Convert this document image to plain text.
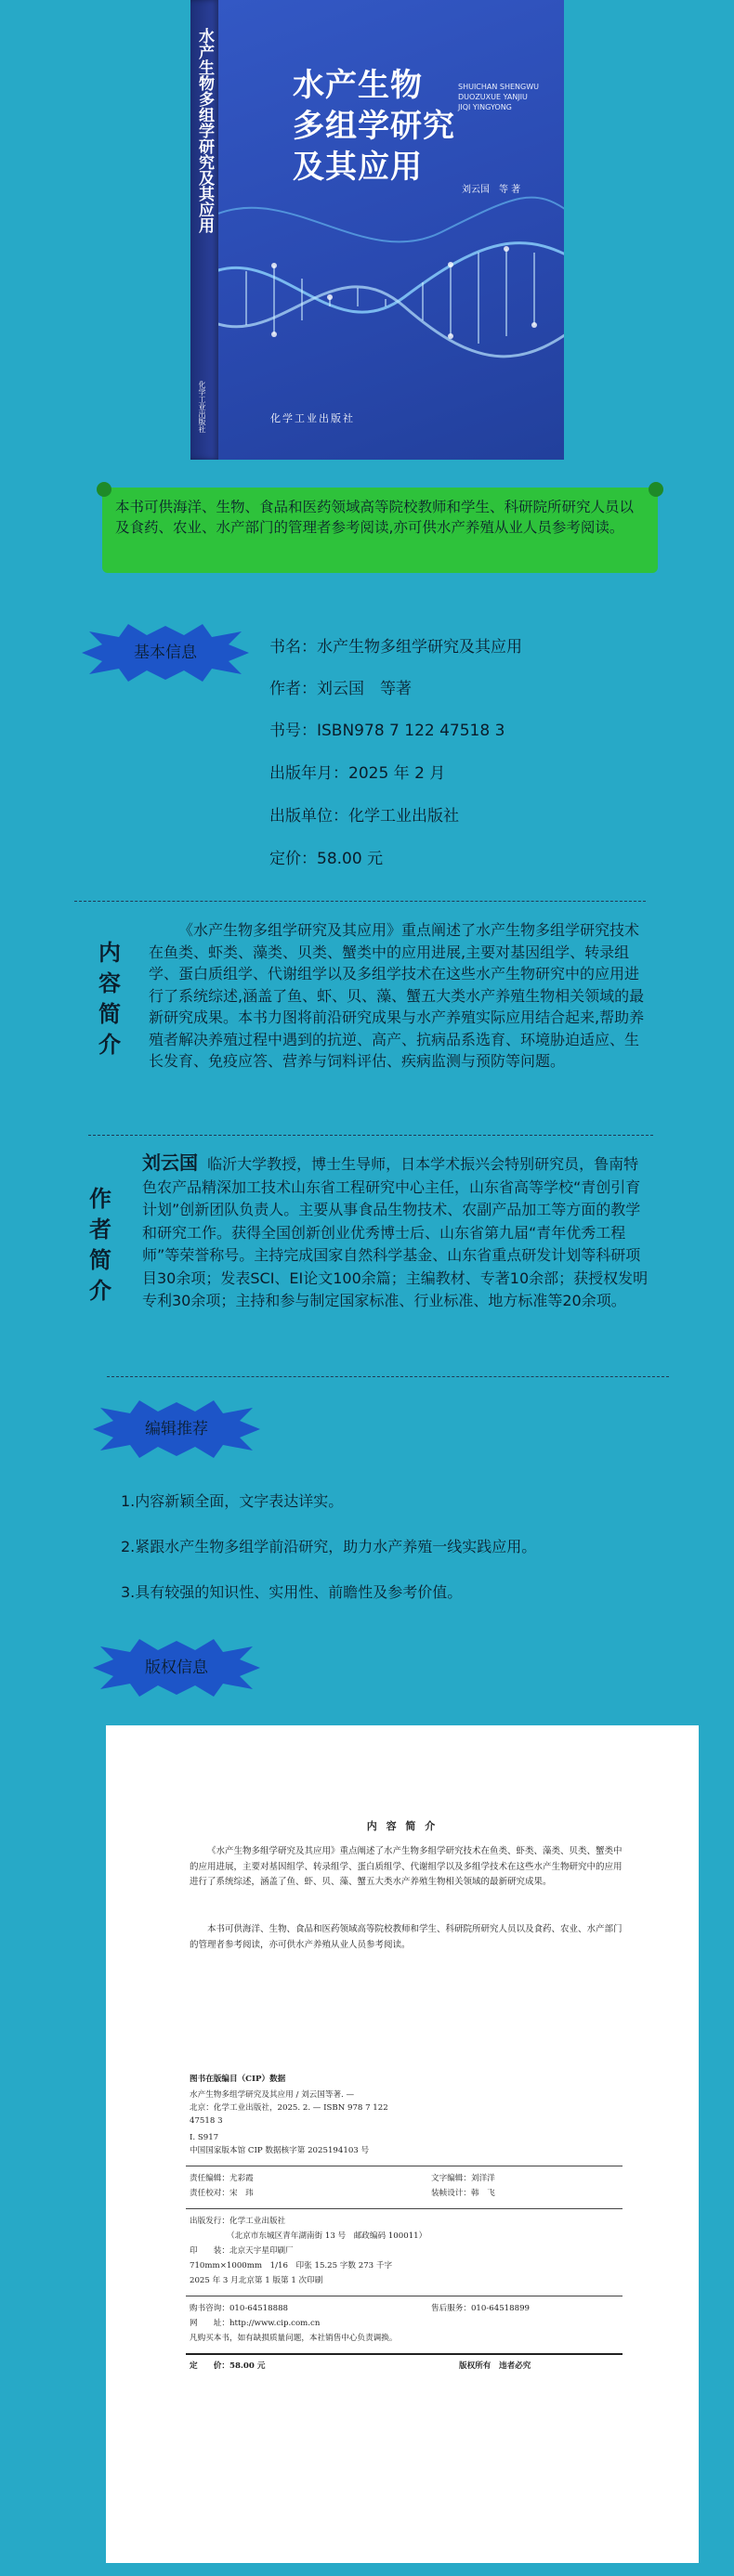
水产生物多组学研究及其应用
化学工业出版社
水产生物
多组学研究
及其应用
SHUICHAN SHENGWU
DUOZUXUE YANJIU
JIQI YINGYONG
刘云国　等 著
化学工业出版社
本书可供海洋、生物、食品和医药领域高等院校教师和学生、科研院所研究人员以及食药、农业、水产部门的管理者参考阅读,亦可供水产养殖从业人员参考阅读。
基本信息	书名：水产生物多组学研究及其应用
作者：刘云国　等著
书号：ISBN978 7 122 47518 3
出版年月：2025 年 2 月
出版单位：化学工业出版社
定价：58.00 元
内
容
简
介
《水产生物多组学研究及其应用》重点阐述了水产生物多组学研究技术在鱼类、虾类、藻类、贝类、蟹类中的应用进展,主要对基因组学、转录组学、蛋白质组学、代谢组学以及多组学技术在这些水产生物研究中的应用进行了系统综述,涵盖了鱼、虾、贝、藻、蟹五大类水产养殖生物相关领域的最新研究成果。本书力图将前沿研究成果与水产养殖实际应用结合起来,帮助养殖者解决养殖过程中遇到的抗逆、高产、抗病品系选育、环境胁迫适应、生长发育、免疫应答、营养与饲料评估、疾病监测与预防等问题。
作
者
简
介
刘云国 临沂大学教授，博士生导师，日本学术振兴会特别研究员，鲁南特色农产品精深加工技术山东省工程研究中心主任，山东省高等学校“青创引育计划”创新团队负责人。主要从事食品生物技术、农副产品加工等方面的教学和研究工作。获得全国创新创业优秀博士后、山东省第九届“青年优秀工程师”等荣誉称号。主持完成国家自然科学基金、山东省重点研发计划等科研项目30余项；发表SCI、EI论文100余篇；主编教材、专著10余部；获授权发明专利30余项；主持和参与制定国家标准、行业标准、地方标准等20余项。
编辑推荐
1.内容新颖全面，文字表达详实。
2.紧跟水产生物多组学前沿研究，助力水产养殖一线实践应用。
3.具有较强的知识性、实用性、前瞻性及参考价值。
版权信息
内 容 简 介
《水产生物多组学研究及其应用》重点阐述了水产生物多组学研究技术在鱼类、虾类、藻类、贝类、蟹类中的应用进展，主要对基因组学、转录组学、蛋白质组学、代谢组学以及多组学技术在这些水产生物研究中的应用进行了系统综述，涵盖了鱼、虾、贝、藻、蟹五大类水产养殖生物相关领域的最新研究成果。
本书可供海洋、生物、食品和医药领域高等院校教师和学生、科研院所研究人员以及食药、农业、水产部门的管理者参考阅读，亦可供水产养殖从业人员参考阅读。
图书在版编目（CIP）数据
水产生物多组学研究及其应用 / 刘云国等著. —
北京：化学工业出版社，2025. 2. — ISBN 978 7 122
47518 3
Ⅰ. S917
中国国家版本馆 CIP 数据核字第 2025194103 号
责任编辑：尤彩霞	文字编辑：刘洋洋
责任校对：宋　玮	装帧设计：韩　飞
出版发行：化学工业出版社
（北京市东城区青年湖南街 13 号　邮政编码 100011）
印　　装：北京天宇星印刷厂
710mm×1000mm　1/16　印张 15.25 字数 273 千字
2025 年 3 月北京第 1 版第 1 次印刷
购书咨询：010-64518888	售后服务：010-64518899
网　　址：http://www.cip.com.cn
凡购买本书，如有缺损质量问题，本社销售中心负责调换。
定　　价：58.00 元	版权所有　违者必究
